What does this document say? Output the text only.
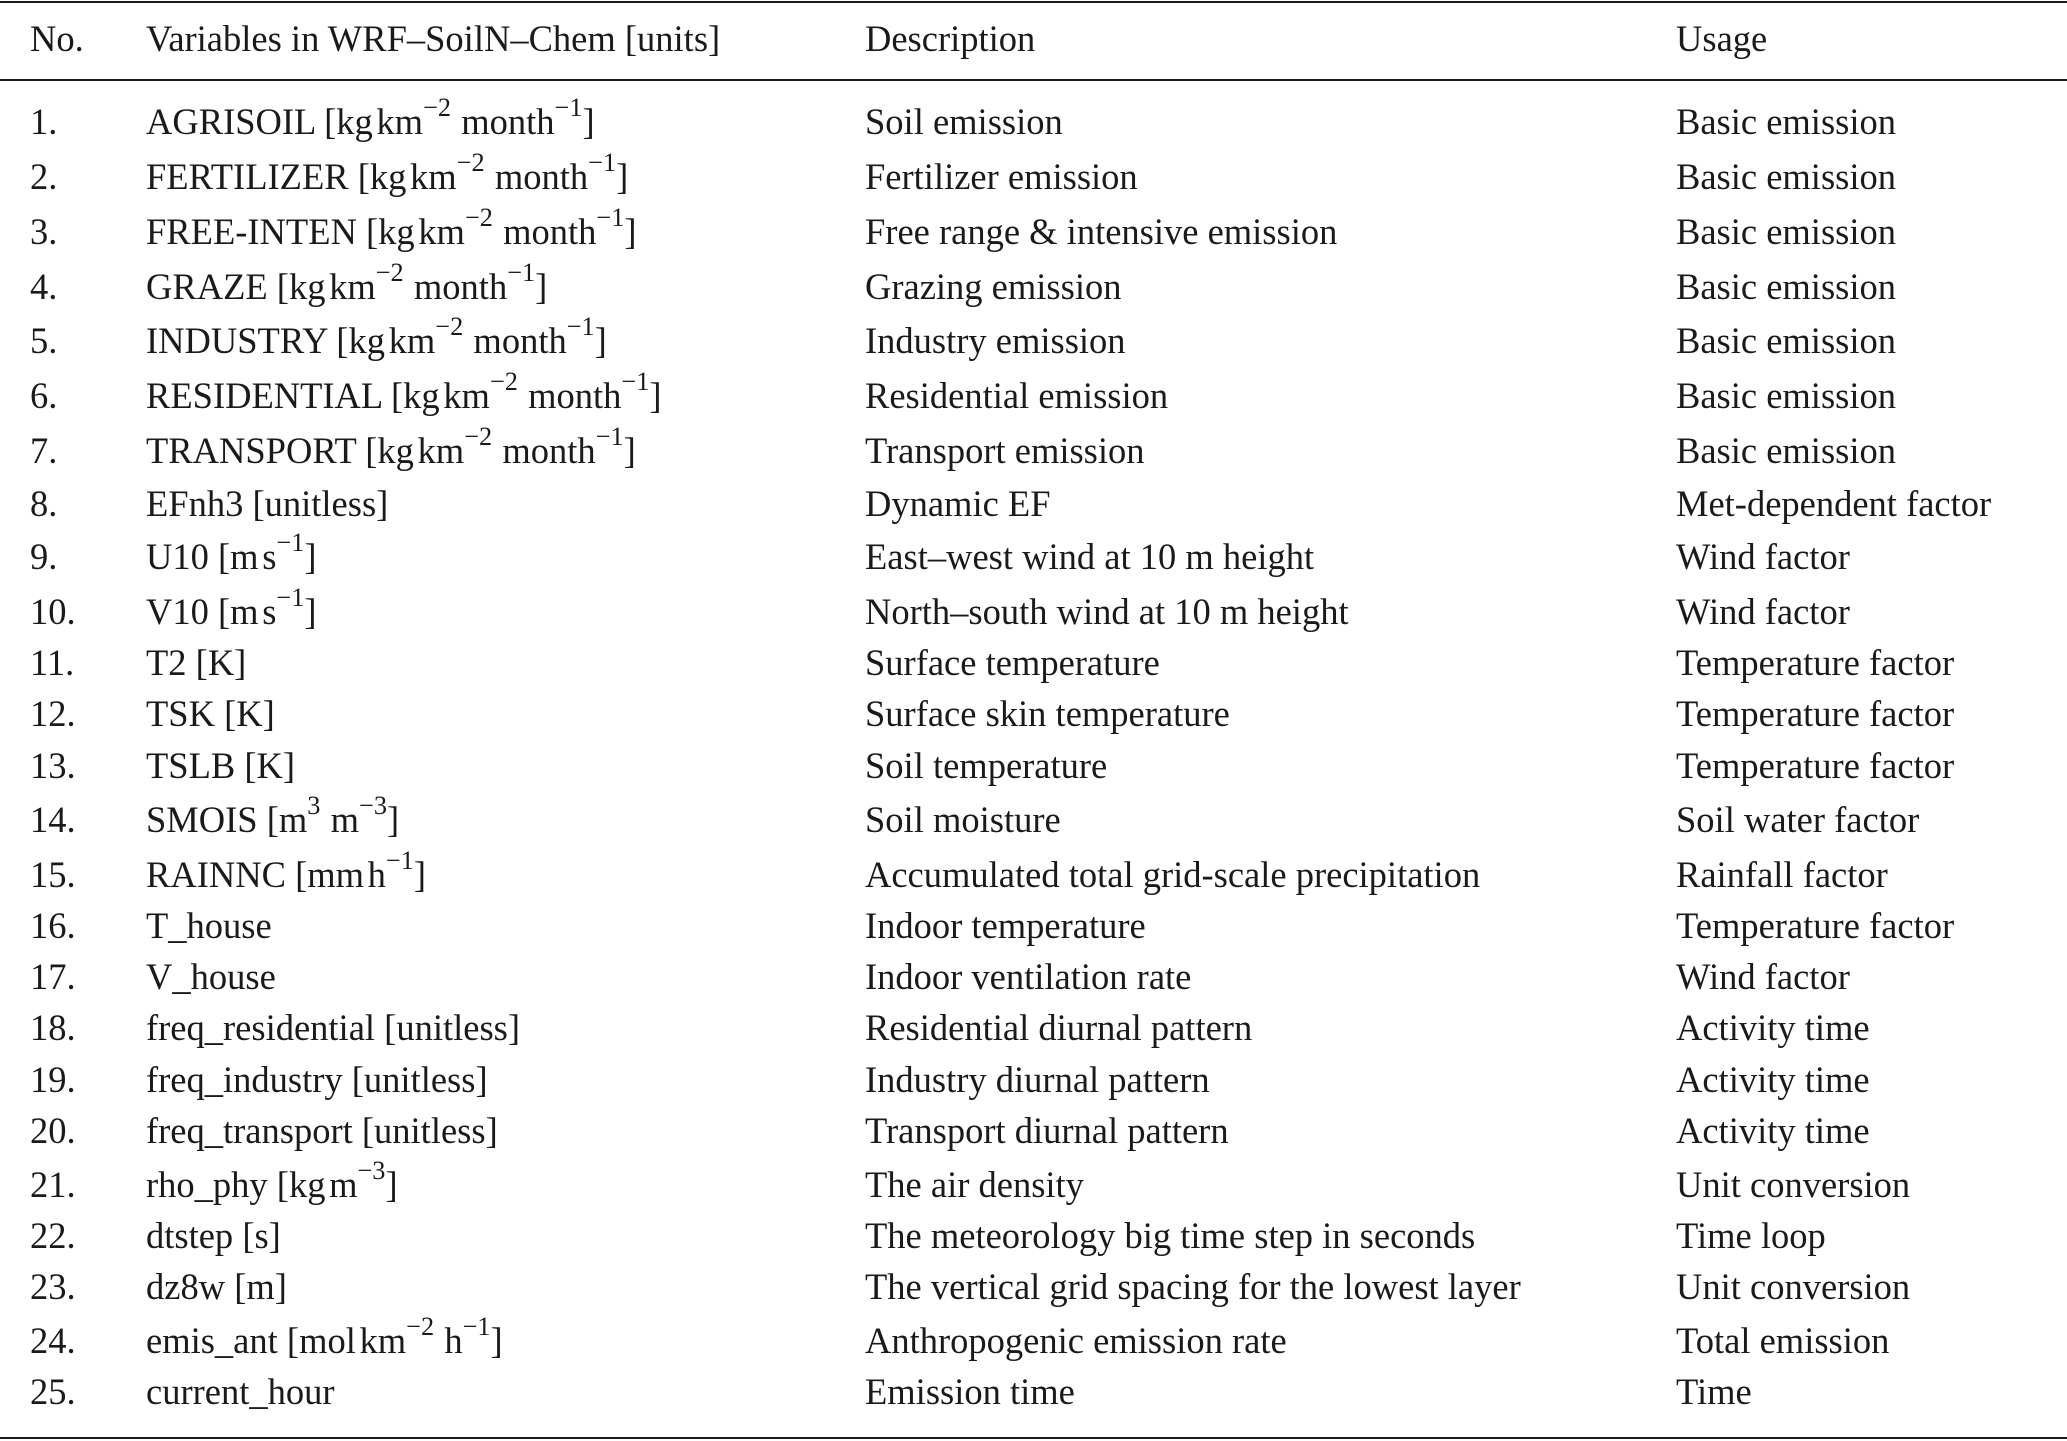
No. Variables in WRF–SoilN–Chem [units]	Description	Usage
1. AGRISOIL [kgkm$^{-2}$ month$^{-1}$]	Soil emission	Basic emission
2. FERTILIZER [kgkm$^{-2}$ month$^{-1}$]	Fertilizer emission	Basic emission
3. FREE-INTEN [kgkm$^{-2}$ month$^{-1}$]	Free range & intensive emission	Basic emission
4. GRAZE [kgkm$^{-2}$ month$^{-1}$]	Grazing emission	Basic emission
5. INDUSTRY [kgkm$^{-2}$ month$^{-1}$]	Industry emission	Basic emission
6. RESIDENTIAL [kgkm$^{-2}$ month$^{-1}$]	Residential emission	Basic emission
7. TRANSPORT [kgkm$^{-2}$ month$^{-1}$]	Transport emission	Basic emission
8. EFnh3 [unitless]	Dynamic EF	Met-dependent factor
9. U10 $[ms^{-1}]$	East–west wind at 10 m height	Wind factor
10. V10 $[ms^{-1}]$	North–south wind at 10 m height	Wind factor
11. T2 [K]	Surface temperature	Temperature factor
12. TSK [K]	Surface skin temperature	Temperature factor
13. TSLB [K]	Soil temperature	Temperature factor
14. SMOIS [$m^3$ $m^{-3}$]	Soil moisture	Soil water factor
15. RAINNC [mmh$^{-1}$]	Accumulated total grid-scale precipitation	Rainfall factor
16. T_house	Indoor temperature	Temperature factor
17. V_house	Indoor ventilation rate	Wind factor
18. freq_residential [unitless]	Residential diurnal pattern	Activity time
19. freq_industry [unitless]	Industry diurnal pattern	Activity time
20. freq_transport [unitless]	Transport diurnal pattern	Activity time
21. rho_phy [kgm$^{-3}$]	The air density	Unit conversion
22. dtstep [s]	The meteorology big time step in seconds	Time loop
23. dz8w [m]	The vertical grid spacing for the lowest layer	Unit conversion
24. emis_ant [molkm$^{-2}$ $h^{-1}$]	Anthropogenic emission rate	Total emission
25. current_hour	Emission time	Time
